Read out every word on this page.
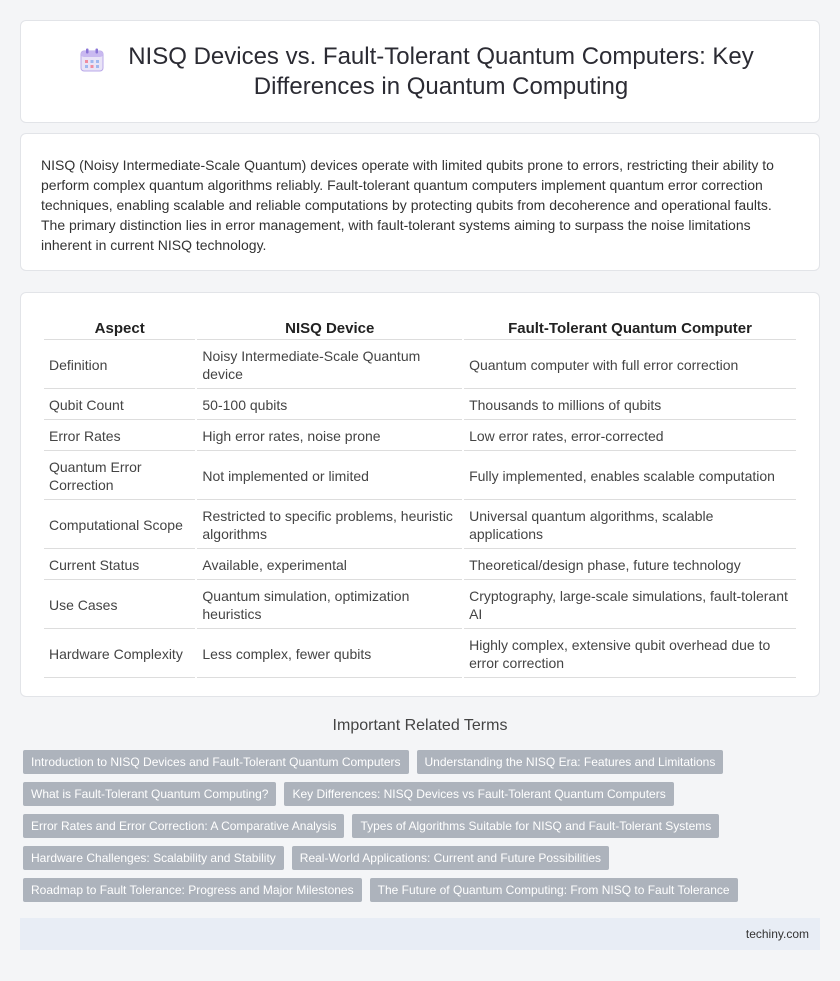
NISQ Devices vs. Fault-Tolerant Quantum Computers: Key Differences in Quantum Computing

NISQ (Noisy Intermediate-Scale Quantum) devices operate with limited qubits prone to errors, restricting their ability to perform complex quantum algorithms reliably. Fault-tolerant quantum computers implement quantum error correction techniques, enabling scalable and reliable computations by protecting qubits from decoherence and operational faults. The primary distinction lies in error management, with fault-tolerant systems aiming to surpass the noise limitations inherent in current NISQ technology.

Aspect	NISQ Device	Fault-Tolerant Quantum Computer
Definition	Noisy Intermediate-Scale Quantum device	Quantum computer with full error correction
Qubit Count	50-100 qubits	Thousands to millions of qubits
Error Rates	High error rates, noise prone	Low error rates, error-corrected
Quantum Error Correction	Not implemented or limited	Fully implemented, enables scalable computation
Computational Scope	Restricted to specific problems, heuristic algorithms	Universal quantum algorithms, scalable applications
Current Status	Available, experimental	Theoretical/design phase, future technology
Use Cases	Quantum simulation, optimization heuristics	Cryptography, large-scale simulations, fault-tolerant AI
Hardware Complexity	Less complex, fewer qubits	Highly complex, extensive qubit overhead due to error correction
Important Related Terms
Introduction to NISQ Devices and Fault-Tolerant Quantum Computers	Understanding the NISQ Era: Features and Limitations
What is Fault-Tolerant Quantum Computing?	Key Differences: NISQ Devices vs Fault-Tolerant Quantum Computers
Error Rates and Error Correction: A Comparative Analysis	Types of Algorithms Suitable for NISQ and Fault-Tolerant Systems
Hardware Challenges: Scalability and Stability	Real-World Applications: Current and Future Possibilities
Roadmap to Fault Tolerance: Progress and Major Milestones	The Future of Quantum Computing: From NISQ to Fault Tolerance
techiny.com
